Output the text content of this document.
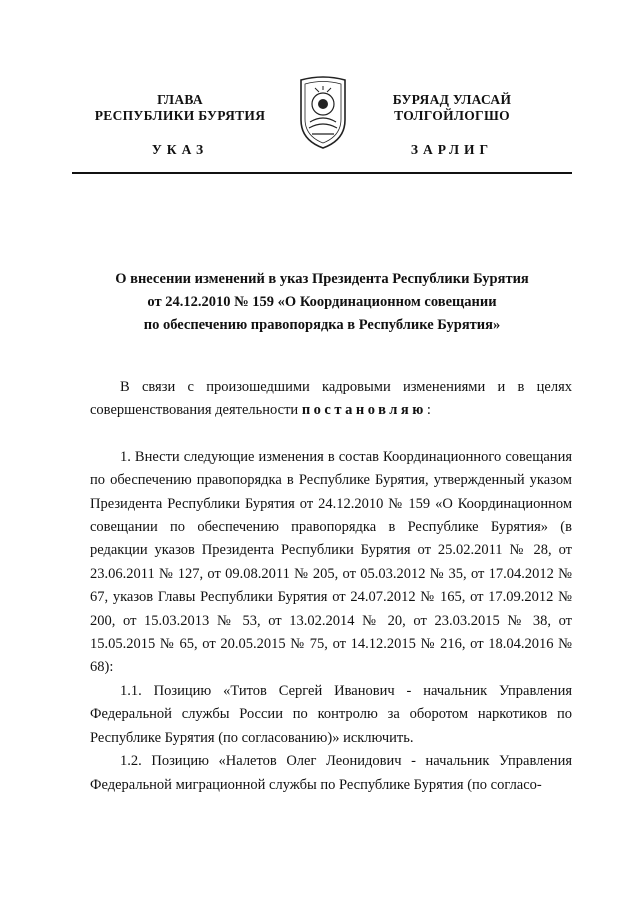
ГЛАВА
РЕСПУБЛИКИ БУРЯТИЯ
УКАЗ
БУРЯАД УЛАСАЙ
ТОЛГОЙЛОГШО
ЗАРЛИГ
О внесении изменений в указ Президента Республики Бурятия
от 24.12.2010 № 159 «О Координационном совещании
по обеспечению правопорядка в Республике Бурятия»

В связи с произошедшими кадровыми изменениями и в целях совершенствования деятельности постановляю:

1. Внести следующие изменения в состав Координационного совещания по обеспечению правопорядка в Республике Бурятия, утвержденный указом Президента Республики Бурятия от 24.12.2010 № 159 «О Координационном совещании по обеспечению правопорядка в Республике Бурятия» (в редакции указов Президента Республики Бурятия от 25.02.2011 № 28, от 23.06.2011 № 127, от 09.08.2011 № 205, от 05.03.2012 № 35, от 17.04.2012 № 67, указов Главы Республики Бурятия от 24.07.2012 № 165, от 17.09.2012 № 200, от 15.03.2013 № 53, от 13.02.2014 № 20, от 23.03.2015 № 38, от 15.05.2015 № 65, от 20.05.2015 № 75, от 14.12.2015 № 216, от 18.04.2016 № 68):

1.1. Позицию «Титов Сергей Иванович - начальник Управления Федеральной службы России по контролю за оборотом наркотиков по Республике Бурятия (по согласованию)» исключить.

1.2. Позицию «Налетов Олег Леонидович - начальник Управления Федеральной миграционной службы по Республике Бурятия (по согласо-
